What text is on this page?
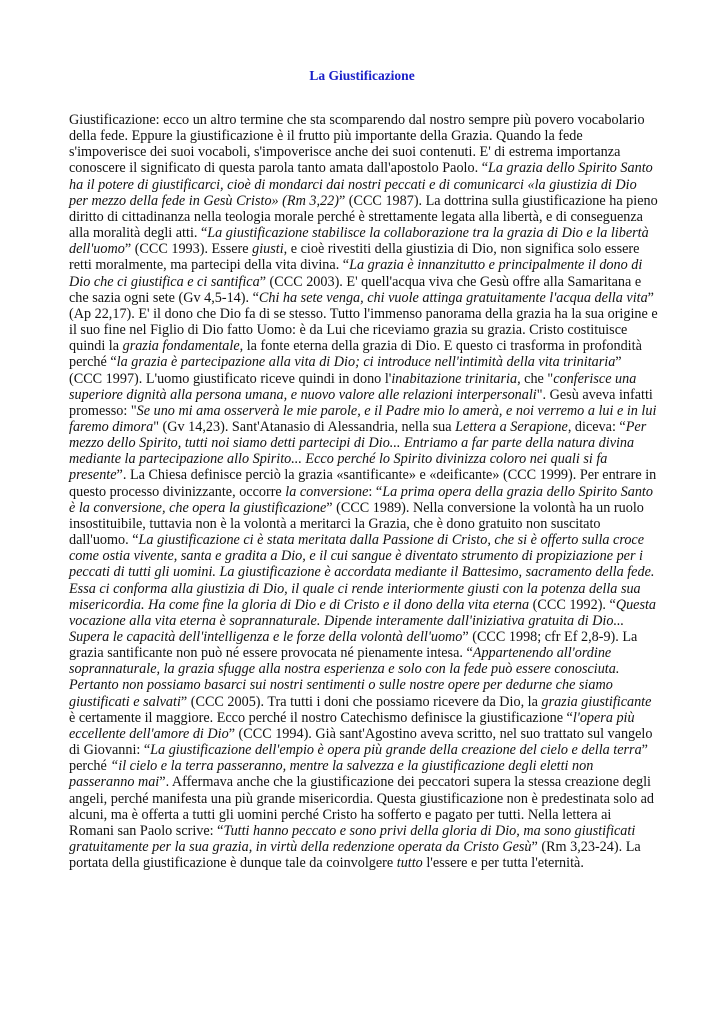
La Giustificazione

Giustificazione: ecco un altro termine che sta scomparendo dal nostro sempre più povero vocabolario della fede. Eppure la giustificazione è il frutto più importante della Grazia. Quando la fede s'impoverisce dei suoi vocaboli, s'impoverisce anche dei suoi contenuti. E' di estrema importanza conoscere il significato di questa parola tanto amata dall'apostolo Paolo. “La grazia dello Spirito Santo ha il potere di giustificarci, cioè di mondarci dai nostri peccati e di comunicarci «la giustizia di Dio per mezzo della fede in Gesù Cristo» (Rm 3,22)” (CCC 1987). La dottrina sulla giustificazione ha pieno diritto di cittadinanza nella teologia morale perché è strettamente legata alla libertà, e di conseguenza alla moralità degli atti. “La giustificazione stabilisce la collaborazione tra la grazia di Dio e la libertà dell'uomo” (CCC 1993). Essere giusti, e cioè rivestiti della giustizia di Dio, non significa solo essere retti moralmente, ma partecipi della vita divina. “La grazia è innanzitutto e principalmente il dono di Dio che ci giustifica e ci santifica” (CCC 2003). E' quell'acqua viva che Gesù offre alla Samaritana e che sazia ogni sete (Gv 4,5-14). “Chi ha sete venga, chi vuole attinga gratuitamente l'acqua della vita” (Ap 22,17). E' il dono che Dio fa di se stesso. Tutto l'immenso panorama della grazia ha la sua origine e il suo fine nel Figlio di Dio fatto Uomo: è da Lui che riceviamo grazia su grazia. Cristo costituisce quindi la grazia fondamentale, la fonte eterna della grazia di Dio. E questo ci trasforma in profondità perché “la grazia è partecipazione alla vita di Dio; ci introduce nell'intimità della vita trinitaria” (CCC 1997). L'uomo giustificato riceve quindi in dono l'inabitazione trinitaria, che "conferisce una superiore dignità alla persona umana, e nuovo valore alle relazioni interpersonali". Gesù aveva infatti promesso: "Se uno mi ama osserverà le mie parole, e il Padre mio lo amerà, e noi verremo a lui e in lui faremo dimora" (Gv 14,23). Sant'Atanasio di Alessandria, nella sua Lettera a Serapione, diceva: “Per mezzo dello Spirito, tutti noi siamo detti partecipi di Dio... Entriamo a far parte della natura divina mediante la partecipazione allo Spirito... Ecco perché lo Spirito divinizza coloro nei quali si fa presente”. La Chiesa definisce perciò la grazia «santificante» e «deificante» (CCC 1999). Per entrare in questo processo divinizzante, occorre la conversione: “La prima opera della grazia dello Spirito Santo è la conversione, che opera la giustificazione” (CCC 1989). Nella conversione la volontà ha un ruolo insostituibile, tuttavia non è la volontà a meritarci la Grazia, che è dono gratuito non suscitato dall'uomo. “La giustificazione ci è stata meritata dalla Passione di Cristo, che si è offerto sulla croce come ostia vivente, santa e gradita a Dio, e il cui sangue è diventato strumento di propiziazione per i peccati di tutti gli uomini. La giustificazione è accordata mediante il Battesimo, sacramento della fede. Essa ci conforma alla giustizia di Dio, il quale ci rende interiormente giusti con la potenza della sua misericordia. Ha come fine la gloria di Dio e di Cristo e il dono della vita eterna (CCC 1992). “Questa vocazione alla vita eterna è soprannaturale. Dipende interamente dall'iniziativa gratuita di Dio... Supera le capacità dell'intelligenza e le forze della volontà dell'uomo” (CCC 1998; cfr Ef 2,8-9). La grazia santificante non può né essere provocata né pienamente intesa. “Appartenendo all'ordine soprannaturale, la grazia sfugge alla nostra esperienza e solo con la fede può essere conosciuta. Pertanto non possiamo basarci sui nostri sentimenti o sulle nostre opere per dedurne che siamo giustificati e salvati” (CCC 2005). Tra tutti i doni che possiamo ricevere da Dio, la grazia giustificante è certamente il maggiore. Ecco perché il nostro Catechismo definisce la giustificazione “l'opera più eccellente dell'amore di Dio” (CCC 1994). Già sant'Agostino aveva scritto, nel suo trattato sul vangelo di Giovanni: “La giustificazione dell'empio è opera più grande della creazione del cielo e della terra” perché “il cielo e la terra passeranno, mentre la salvezza e la giustificazione degli eletti non passeranno mai”. Affermava anche che la giustificazione dei peccatori supera la stessa creazione degli angeli, perché manifesta una più grande misericordia. Questa giustificazione non è predestinata solo ad alcuni, ma è offerta a tutti gli uomini perché Cristo ha sofferto e pagato per tutti. Nella lettera ai Romani san Paolo scrive: “Tutti hanno peccato e sono privi della gloria di Dio, ma sono giustificati gratuitamente per la sua grazia, in virtù della redenzione operata da Cristo Gesù” (Rm 3,23-24). La portata della giustificazione è dunque tale da coinvolgere tutto l'essere e per tutta l'eternità.
